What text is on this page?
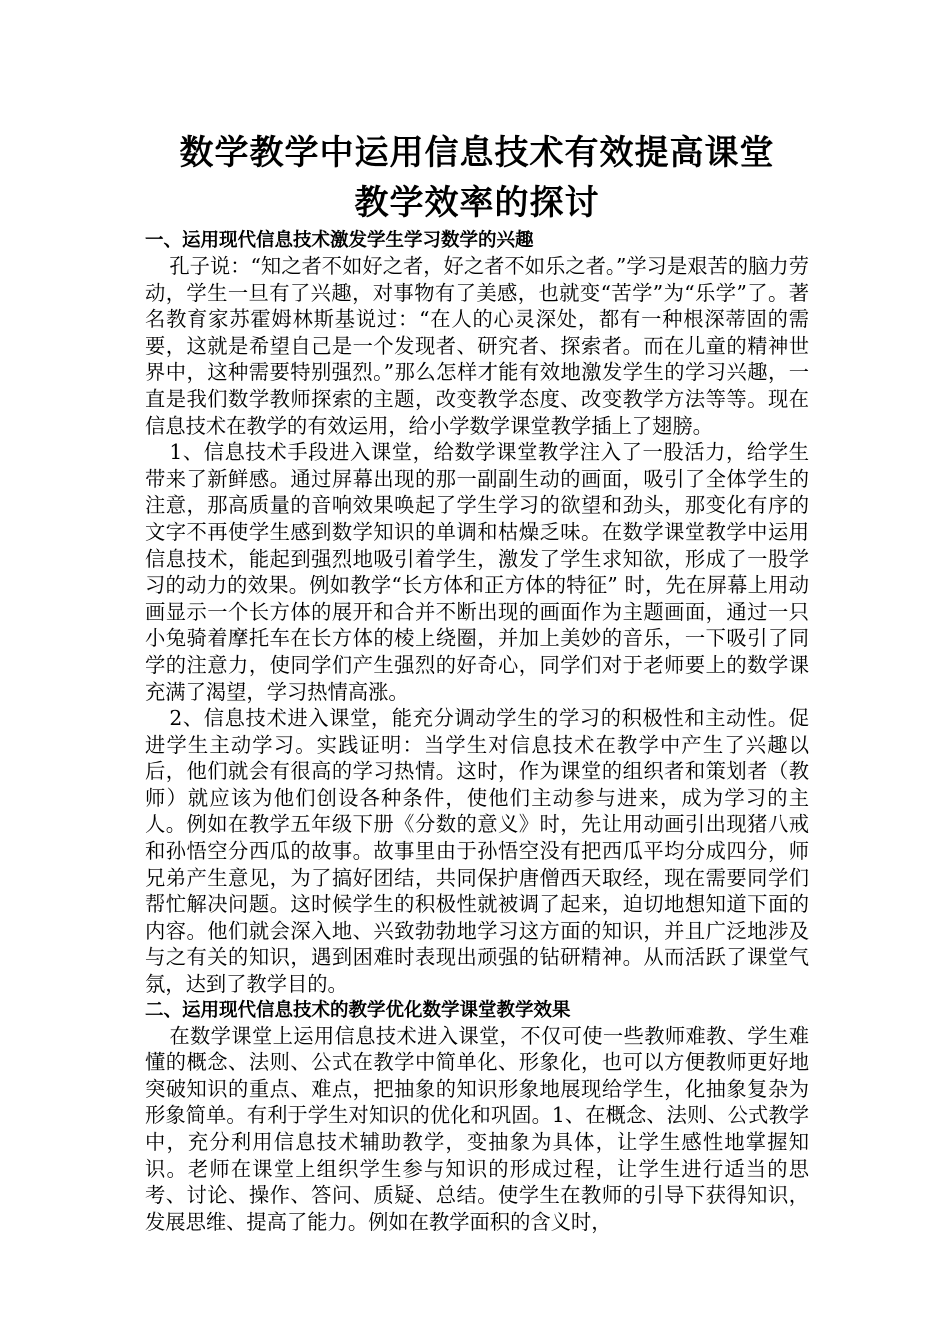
数学教学中运用信息技术有效提高课堂
教学效率的探讨
一、运用现代信息技术激发学生学习数学的兴趣

孔子说：“知之者不如好之者，好之者不如乐之者。”学习是艰苦的脑力劳动，学生一旦有了兴趣，对事物有了美感，也就变“苦学”为“乐学”了。著名教育家苏霍姆林斯基说过：“在人的心灵深处，都有一种根深蒂固的需要，这就是希望自己是一个发现者、研究者、探索者。而在儿童的精神世界中，这种需要特别强烈。”那么怎样才能有效地激发学生的学习兴趣，一直是我们数学教师探索的主题，改变教学态度、改变教学方法等等。现在信息技术在教学的有效运用，给小学数学课堂教学插上了翅膀。

1、信息技术手段进入课堂，给数学课堂教学注入了一股活力，给学生带来了新鲜感。通过屏幕出现的那一副副生动的画面，吸引了全体学生的注意，那高质量的音响效果唤起了学生学习的欲望和劲头，那变化有序的文字不再使学生感到数学知识的单调和枯燥乏味。在数学课堂教学中运用信息技术，能起到强烈地吸引着学生，激发了学生求知欲，形成了一股学习的动力的效果。例如教学“长方体和正方体的特征” 时，先在屏幕上用动画显示一个长方体的展开和合并不断出现的画面作为主题画面，通过一只小兔骑着摩托车在长方体的棱上绕圈，并加上美妙的音乐，一下吸引了同学的注意力，使同学们产生强烈的好奇心，同学们对于老师要上的数学课充满了渴望，学习热情高涨。

2、信息技术进入课堂，能充分调动学生的学习的积极性和主动性。促进学生主动学习。实践证明：当学生对信息技术在教学中产生了兴趣以后，他们就会有很高的学习热情。这时，作为课堂的组织者和策划者（教师）就应该为他们创设各种条件，使他们主动参与进来，成为学习的主人。例如在教学五年级下册《分数的意义》时，先让用动画引出现猪八戒和孙悟空分西瓜的故事。故事里由于孙悟空没有把西瓜平均分成四分，师兄弟产生意见，为了搞好团结，共同保护唐僧西天取经，现在需要同学们帮忙解决问题。这时候学生的积极性就被调了起来，迫切地想知道下面的内容。他们就会深入地、兴致勃勃地学习这方面的知识，并且广泛地涉及与之有关的知识，遇到困难时表现出顽强的钻研精神。从而活跃了课堂气氛，达到了教学目的。

二、运用现代信息技术的教学优化数学课堂教学效果

在数学课堂上运用信息技术进入课堂，不仅可使一些教师难教、学生难懂的概念、法则、公式在教学中简单化、形象化，也可以方便教师更好地突破知识的重点、难点，把抽象的知识形象地展现给学生，化抽象复杂为形象简单。有利于学生对知识的优化和巩固。1、在概念、法则、公式教学中，充分利用信息技术辅助教学，变抽象为具体，让学生感性地掌握知识。老师在课堂上组织学生参与知识的形成过程，让学生进行适当的思考、讨论、操作、答问、质疑、总结。使学生在教师的引导下获得知识，发展思维、提高了能力。例如在教学面积的含义时，
